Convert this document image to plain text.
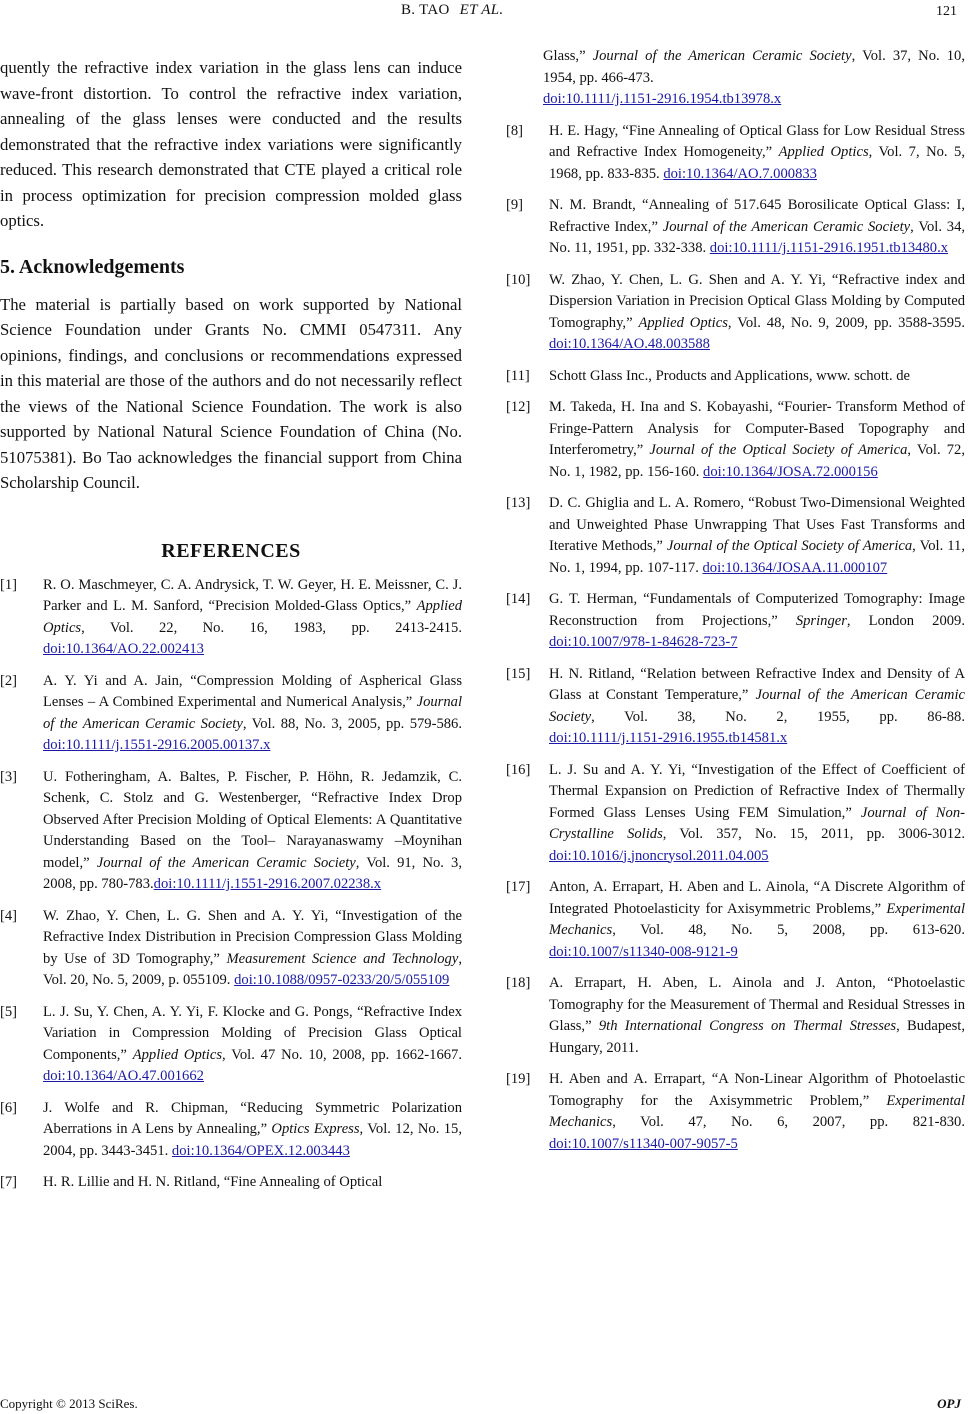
B. TAO ET AL.	121

quently the refractive index variation in the glass lens can induce wave-front distortion. To control the refractive index variation, annealing of the glass lenses were conducted and the results demonstrated that the refractive index variations were significantly reduced. This research demonstrated that CTE played a critical role in process optimization for precision compression molded glass optics.

5. Acknowledgements

The material is partially based on work supported by National Science Foundation under Grants No. CMMI 0547311. Any opinions, findings, and conclusions or recommendations expressed in this material are those of the authors and do not necessarily reflect the views of the National Science Foundation. The work is also supported by National Natural Science Foundation of China (No. 51075381). Bo Tao acknowledges the financial support from China Scholarship Council.

REFERENCES
[1]	R. O. Maschmeyer, C. A. Andrysick, T. W. Geyer, H. E. Meissner, C. J. Parker and L. M. Sanford, “Precision Molded-Glass Optics,” Applied Optics, Vol. 22, No. 16, 1983, pp. 2413-2415. doi:10.1364/AO.22.002413
[2]	A. Y. Yi and A. Jain, “Compression Molding of Aspherical Glass Lenses – A Combined Experimental and Numerical Analysis,” Journal of the American Ceramic Society, Vol. 88, No. 3, 2005, pp. 579-586. doi:10.1111/j.1551-2916.2005.00137.x
[3]	U. Fotheringham, A. Baltes, P. Fischer, P. Höhn, R. Jedamzik, C. Schenk, C. Stolz and G. Westenberger, “Refractive Index Drop Observed After Precision Molding of Optical Elements: A Quantitative Understanding Based on the Tool– Narayanaswamy –Moynihan model,” Journal of the American Ceramic Society, Vol. 91, No. 3, 2008, pp. 780-783.doi:10.1111/j.1551-2916.2007.02238.x
[4]	W. Zhao, Y. Chen, L. G. Shen and A. Y. Yi, “Investigation of the Refractive Index Distribution in Precision Compression Glass Molding by Use of 3D Tomography,” Measurement Science and Technology, Vol. 20, No. 5, 2009, p. 055109. doi:10.1088/0957-0233/20/5/055109
[5]	L. J. Su, Y. Chen, A. Y. Yi, F. Klocke and G. Pongs, “Refractive Index Variation in Compression Molding of Precision Glass Optical Components,” Applied Optics, Vol. 47 No. 10, 2008, pp. 1662-1667. doi:10.1364/AO.47.001662
[6]	J. Wolfe and R. Chipman, “Reducing Symmetric Polarization Aberrations in A Lens by Annealing,” Optics Express, Vol. 12, No. 15, 2004, pp. 3443-3451. doi:10.1364/OPEX.12.003443
[7]	H. R. Lillie and H. N. Ritland, “Fine Annealing of Optical
Glass,” Journal of the American Ceramic Society, Vol. 37, No. 10, 1954, pp. 466-473.
doi:10.1111/j.1151-2916.1954.tb13978.x
[8]	H. E. Hagy, “Fine Annealing of Optical Glass for Low Residual Stress and Refractive Index Homogeneity,” Applied Optics, Vol. 7, No. 5, 1968, pp. 833-835. doi:10.1364/AO.7.000833
[9]	N. M. Brandt, “Annealing of 517.645 Borosilicate Optical Glass: I, Refractive Index,” Journal of the American Ceramic Society, Vol. 34, No. 11, 1951, pp. 332-338. doi:10.1111/j.1151-2916.1951.tb13480.x
[10]	W. Zhao, Y. Chen, L. G. Shen and A. Y. Yi, “Refractive index and Dispersion Variation in Precision Optical Glass Molding by Computed Tomography,” Applied Optics, Vol. 48, No. 9, 2009, pp. 3588-3595. doi:10.1364/AO.48.003588
[11]	Schott Glass Inc., Products and Applications, www. schott. de
[12]	M. Takeda, H. Ina and S. Kobayashi, “Fourier- Transform Method of Fringe-Pattern Analysis for Computer-Based Topography and Interferometry,” Journal of the Optical Society of America, Vol. 72, No. 1, 1982, pp. 156-160. doi:10.1364/JOSA.72.000156
[13]	D. C. Ghiglia and L. A. Romero, “Robust Two-Dimensional Weighted and Unweighted Phase Unwrapping That Uses Fast Transforms and Iterative Methods,” Journal of the Optical Society of America, Vol. 11, No. 1, 1994, pp. 107-117. doi:10.1364/JOSAA.11.000107
[14]	G. T. Herman, “Fundamentals of Computerized Tomography: Image Reconstruction from Projections,” Springer, London 2009. doi:10.1007/978-1-84628-723-7
[15]	H. N. Ritland, “Relation between Refractive Index and Density of A Glass at Constant Temperature,” Journal of the American Ceramic Society, Vol. 38, No. 2, 1955, pp. 86-88. doi:10.1111/j.1151-2916.1955.tb14581.x
[16]	L. J. Su and A. Y. Yi, “Investigation of the Effect of Coefficient of Thermal Expansion on Prediction of Refractive Index of Thermally Formed Glass Lenses Using FEM Simulation,” Journal of Non-Crystalline Solids, Vol. 357, No. 15, 2011, pp. 3006-3012. doi:10.1016/j.jnoncrysol.2011.04.005
[17]	Anton, A. Errapart, H. Aben and L. Ainola, “A Discrete Algorithm of Integrated Photoelasticity for Axisymmetric Problems,” Experimental Mechanics, Vol. 48, No. 5, 2008, pp. 613-620. doi:10.1007/s11340-008-9121-9
[18]	A. Errapart, H. Aben, L. Ainola and J. Anton, “Photoelastic Tomography for the Measurement of Thermal and Residual Stresses in Glass,” 9th International Congress on Thermal Stresses, Budapest, Hungary, 2011.
[19]	H. Aben and A. Errapart, “A Non-Linear Algorithm of Photoelastic Tomography for the Axisymmetric Problem,” Experimental Mechanics, Vol. 47, No. 6, 2007, pp. 821-830. doi:10.1007/s11340-007-9057-5
Copyright © 2013 SciRes.	OPJ
